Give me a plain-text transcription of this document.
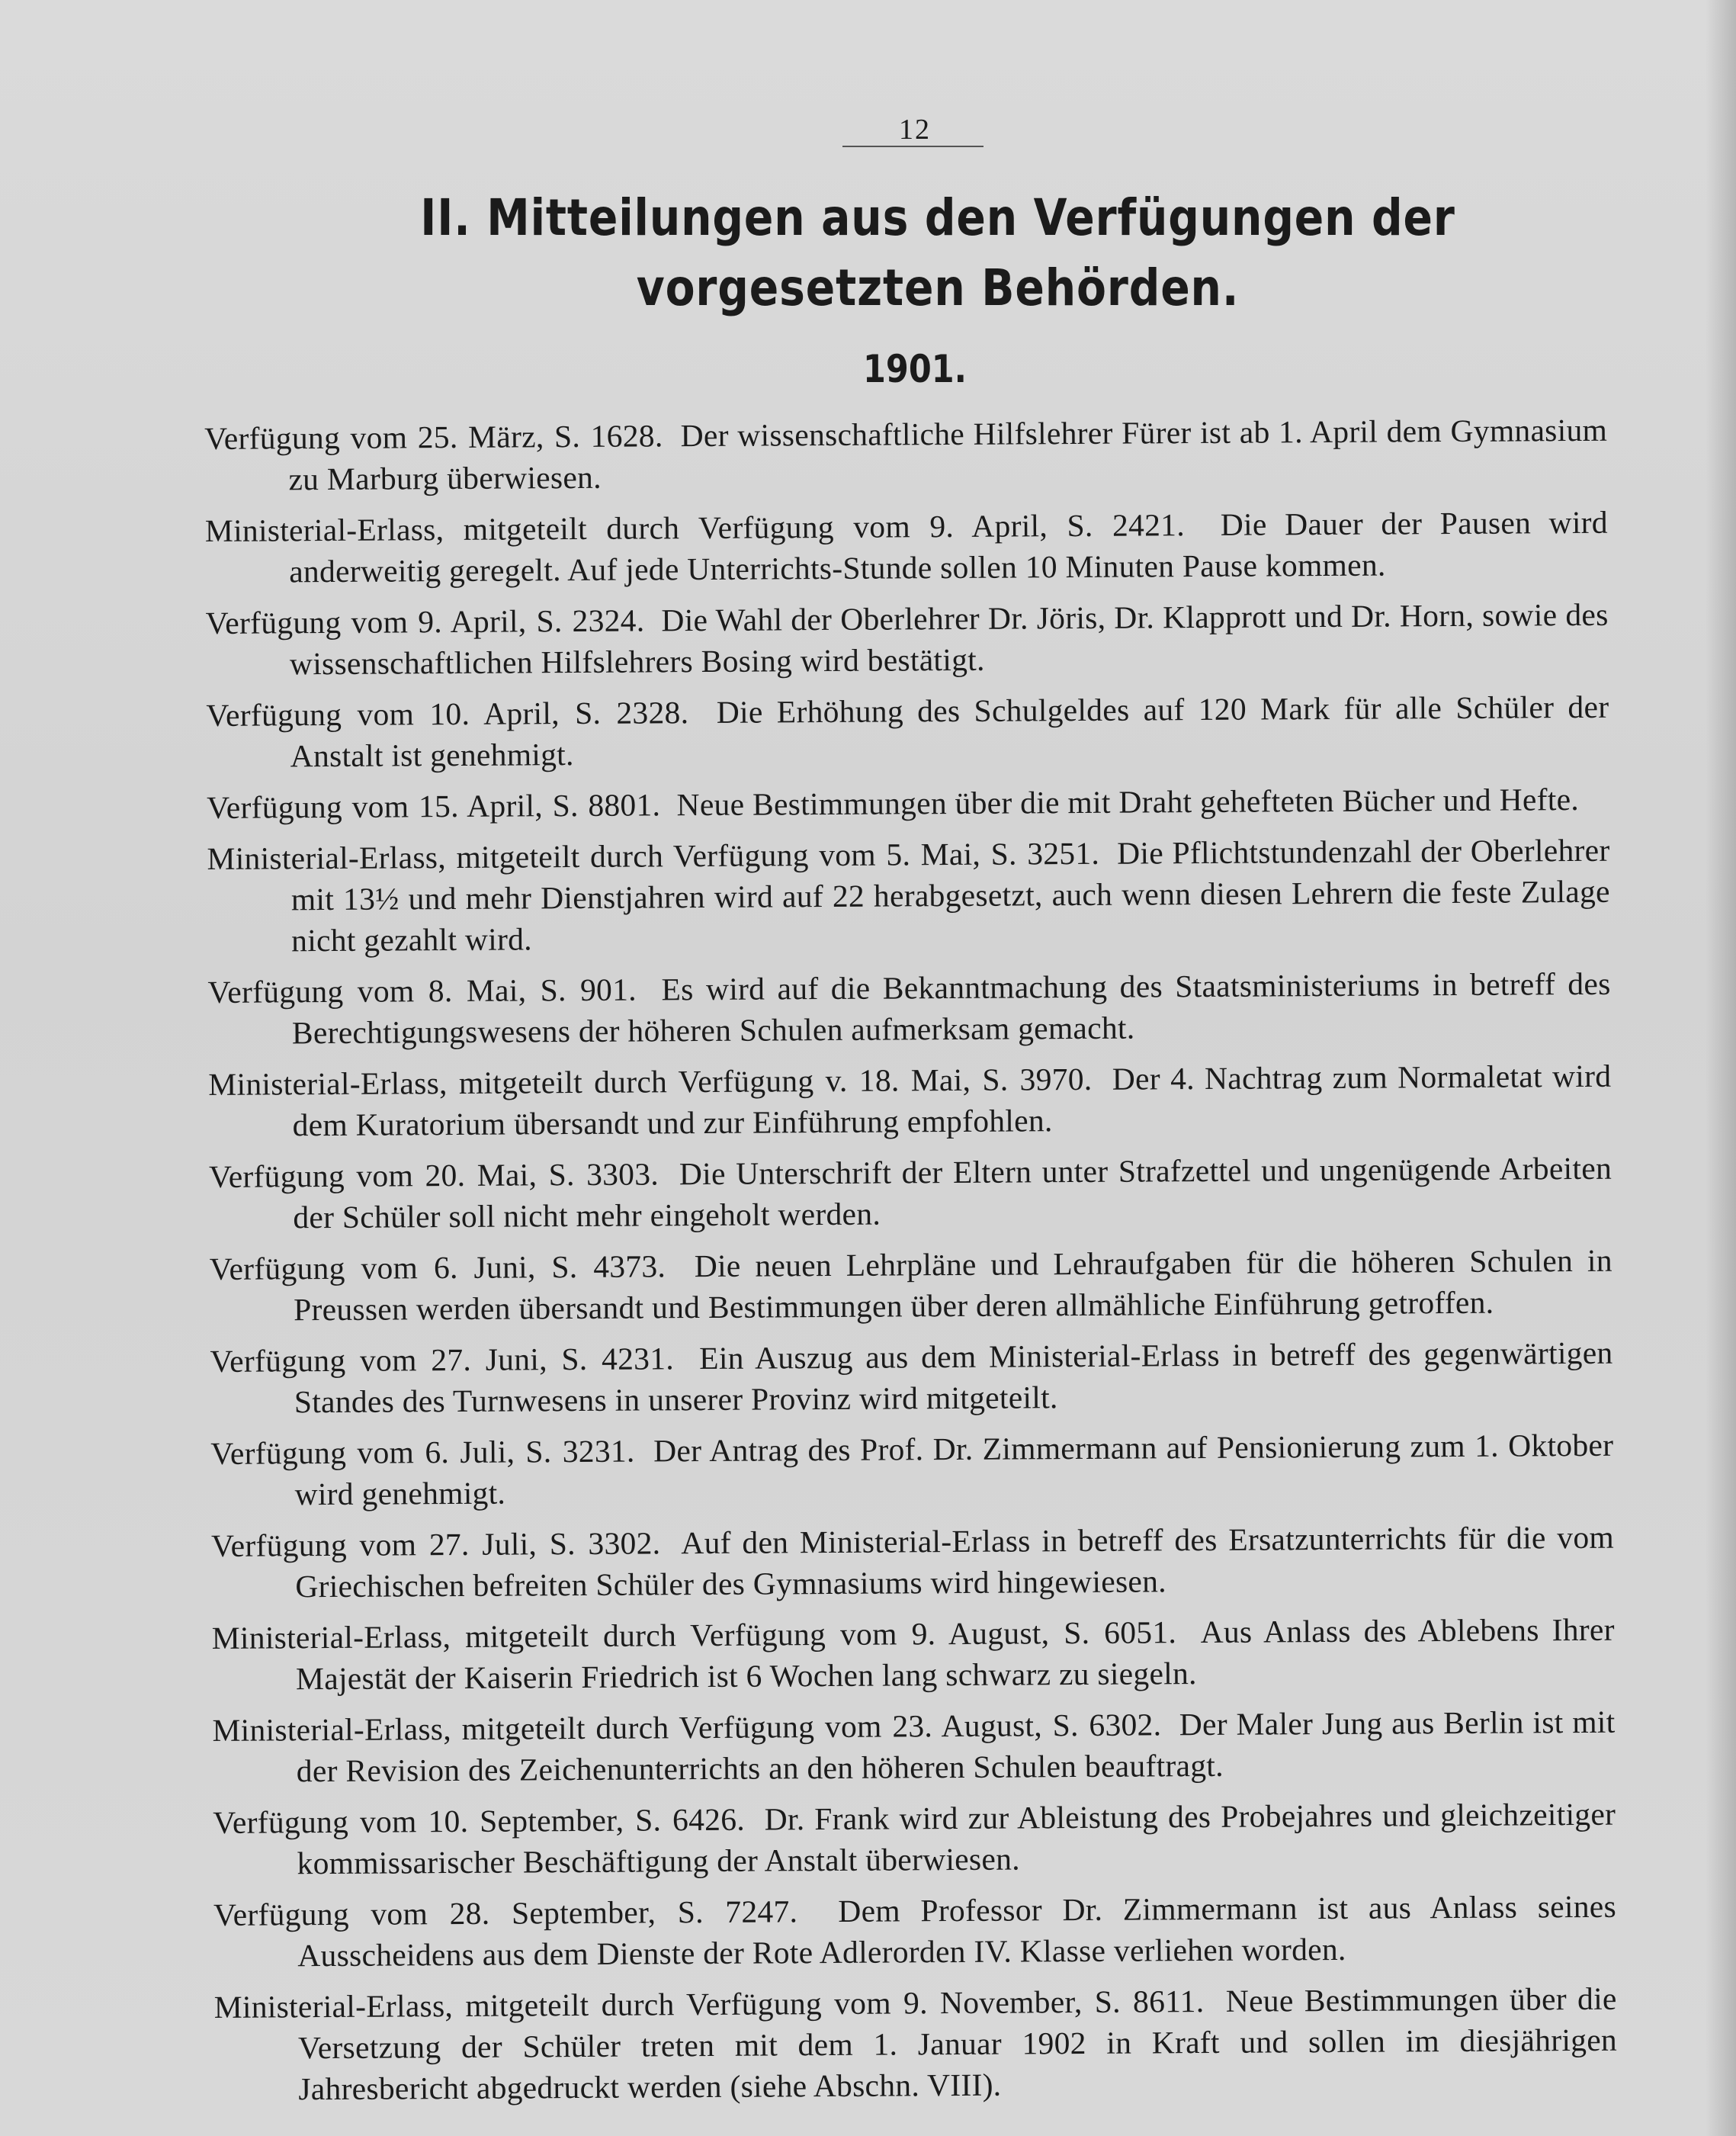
12
II. Mitteilungen aus den Verfügungen der
vorgesetzten Behörden.
1901.
Verfügung vom 25. März, S. 1628. Der wissenschaftliche Hilfslehrer Fürer ist ab 1. April dem Gymnasium zu Marburg überwiesen.
Ministerial-Erlass, mitgeteilt durch Verfügung vom 9. April, S. 2421. Die Dauer der Pausen wird anderweitig geregelt. Auf jede Unterrichts-Stunde sollen 10 Minuten Pause kommen.
Verfügung vom 9. April, S. 2324. Die Wahl der Oberlehrer Dr. Jöris, Dr. Klapprott und Dr. Horn, sowie des wissenschaftlichen Hilfslehrers Bosing wird bestätigt.
Verfügung vom 10. April, S. 2328. Die Erhöhung des Schulgeldes auf 120 Mark für alle Schüler der Anstalt ist genehmigt.
Verfügung vom 15. April, S. 8801. Neue Bestimmungen über die mit Draht gehefteten Bücher und Hefte.
Ministerial-Erlass, mitgeteilt durch Verfügung vom 5. Mai, S. 3251. Die Pflichtstundenzahl der Oberlehrer mit 13½ und mehr Dienstjahren wird auf 22 herabgesetzt, auch wenn diesen Lehrern die feste Zulage nicht gezahlt wird.
Verfügung vom 8. Mai, S. 901. Es wird auf die Bekanntmachung des Staatsministeriums in betreff des Berechtigungswesens der höheren Schulen aufmerksam gemacht.
Ministerial-Erlass, mitgeteilt durch Verfügung v. 18. Mai, S. 3970. Der 4. Nachtrag zum Normaletat wird dem Kuratorium übersandt und zur Einführung empfohlen.
Verfügung vom 20. Mai, S. 3303. Die Unterschrift der Eltern unter Strafzettel und ungenügende Arbeiten der Schüler soll nicht mehr eingeholt werden.
Verfügung vom 6. Juni, S. 4373. Die neuen Lehrpläne und Lehraufgaben für die höheren Schulen in Preussen werden übersandt und Bestimmungen über deren allmähliche Einführung getroffen.
Verfügung vom 27. Juni, S. 4231. Ein Auszug aus dem Ministerial-Erlass in betreff des gegenwärtigen Standes des Turnwesens in unserer Provinz wird mitgeteilt.
Verfügung vom 6. Juli, S. 3231. Der Antrag des Prof. Dr. Zimmermann auf Pensionierung zum 1. Oktober wird genehmigt.
Verfügung vom 27. Juli, S. 3302. Auf den Ministerial-Erlass in betreff des Ersatzunterrichts für die vom Griechischen befreiten Schüler des Gymnasiums wird hingewiesen.
Ministerial-Erlass, mitgeteilt durch Verfügung vom 9. August, S. 6051. Aus Anlass des Ablebens Ihrer Majestät der Kaiserin Friedrich ist 6 Wochen lang schwarz zu siegeln.
Ministerial-Erlass, mitgeteilt durch Verfügung vom 23. August, S. 6302. Der Maler Jung aus Berlin ist mit der Revision des Zeichenunterrichts an den höheren Schulen beauftragt.
Verfügung vom 10. September, S. 6426. Dr. Frank wird zur Ableistung des Probejahres und gleichzeitiger kommissarischer Beschäftigung der Anstalt überwiesen.
Verfügung vom 28. September, S. 7247. Dem Professor Dr. Zimmermann ist aus Anlass seines Ausscheidens aus dem Dienste der Rote Adlerorden IV. Klasse verliehen worden.
Ministerial-Erlass, mitgeteilt durch Verfügung vom 9. November, S. 8611. Neue Bestimmungen über die Versetzung der Schüler treten mit dem 1. Januar 1902 in Kraft und sollen im diesjährigen Jahresbericht abgedruckt werden (siehe Abschn. VIII).
